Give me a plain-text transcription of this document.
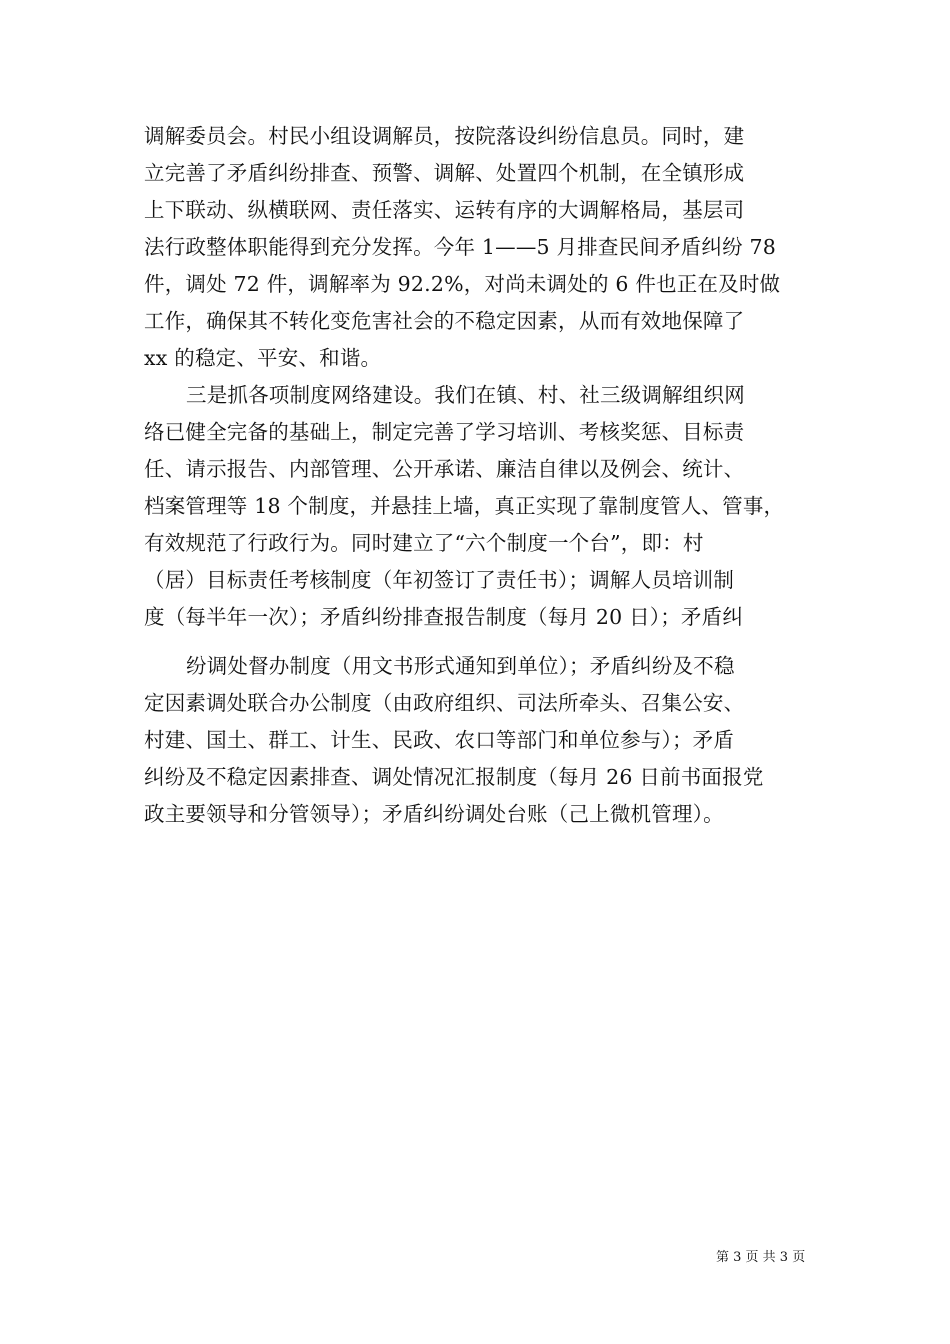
调解委员会。村民小组设调解员，按院落设纠纷信息员。同时，建
立完善了矛盾纠纷排查、预警、调解、处置四个机制，在全镇形成
上下联动、纵横联网、责任落实、运转有序的大调解格局，基层司
法行政整体职能得到充分发挥。今年 1——5 月排查民间矛盾纠纷 78
件，调处 72 件，调解率为 92.2%，对尚未调处的 6 件也正在及时做
工作，确保其不转化变危害社会的不稳定因素，从而有效地保障了
xx 的稳定、平安、和谐。
三是抓各项制度网络建设。我们在镇、村、社三级调解组织网
络已健全完备的基础上，制定完善了学习培训、考核奖惩、目标责
任、请示报告、内部管理、公开承诺、廉洁自律以及例会、统计、
档案管理等 18 个制度，并悬挂上墙，真正实现了靠制度管人、管事，
有效规范了行政行为。同时建立了“六个制度一个台”，即：村
（居）目标责任考核制度（年初签订了责任书）；调解人员培训制
度（每半年一次）；矛盾纠纷排查报告制度（每月 20 日）；矛盾纠
纷调处督办制度（用文书形式通知到单位）；矛盾纠纷及不稳
定因素调处联合办公制度（由政府组织、司法所牵头、召集公安、
村建、国土、群工、计生、民政、农口等部门和单位参与）；矛盾
纠纷及不稳定因素排查、调处情况汇报制度（每月 26 日前书面报党
政主要领导和分管领导）；矛盾纠纷调处台账（己上微机管理）。
第 3 页 共 3 页
